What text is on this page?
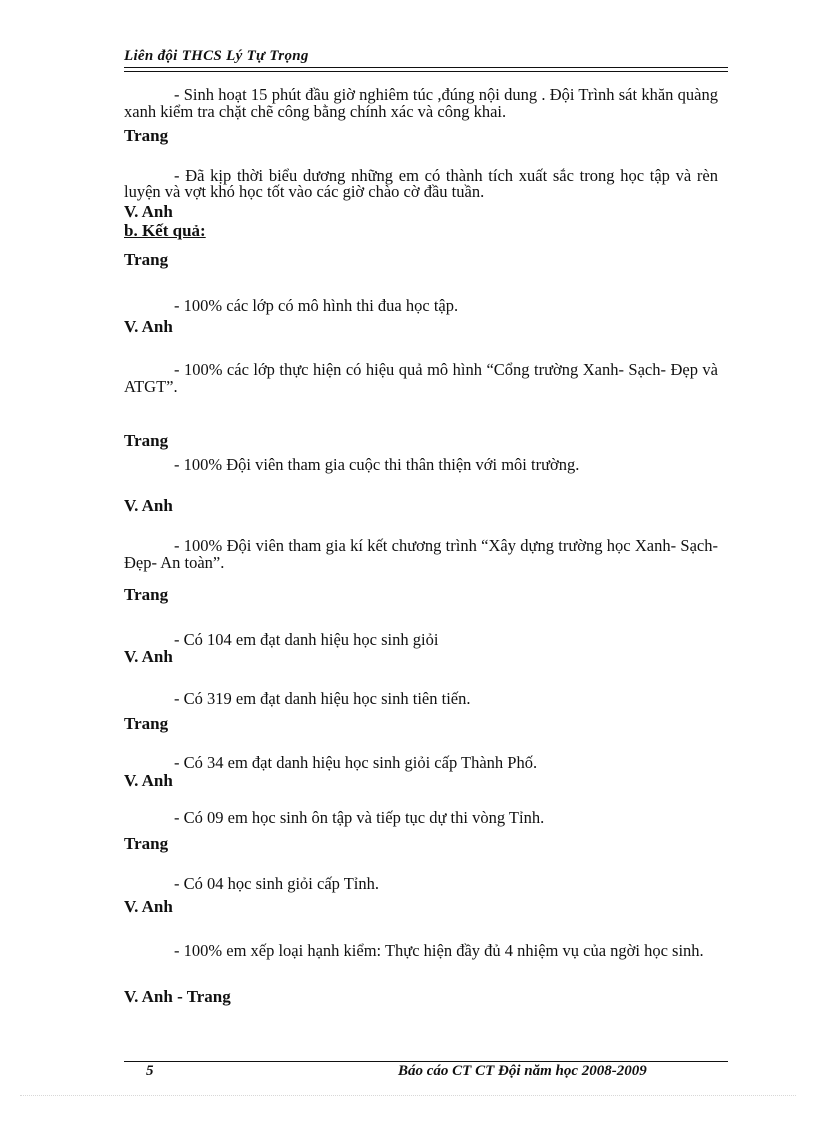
Liên đội THCS Lý Tự Trọng
- Sinh hoạt 15 phút đầu giờ nghiêm túc ,đúng nội dung . Đội Trình sát khăn quàng xanh kiểm tra chặt chẽ công bằng chính xác và công khai.
Trang
- Đã kịp thời biểu dương những em có thành tích xuất sắc trong học tập và rèn luyện và vợt khó học tốt vào các giờ chào cờ đầu tuần.
V. Anh
b. Kết quả:
Trang
- 100% các lớp có mô hình thi đua học tập.
V. Anh
- 100% các lớp thực hiện có hiệu quả mô hình “Cổng trường Xanh- Sạch- Đẹp và ATGT”.
Trang
- 100% Đội viên tham gia cuộc thi thân thiện với môi trường.
V. Anh
- 100% Đội viên tham gia kí kết chương trình “Xây dựng trường học Xanh- Sạch- Đẹp- An toàn”.
Trang
- Có 104 em đạt danh hiệu học sinh giỏi
V. Anh
- Có 319 em đạt danh hiệu học sinh tiên tiến.
Trang
- Có 34 em đạt danh hiệu học sinh giỏi cấp Thành Phố.
V. Anh
- Có 09 em học sinh ôn tập và tiếp tục dự thi vòng Tỉnh.
Trang
- Có 04 học sinh giỏi cấp Tỉnh.
V. Anh
- 100% em xếp loại hạnh kiểm: Thực hiện đầy đủ 4 nhiệm vụ của ngời học sinh.
V. Anh - Trang
5	Báo cáo CT CT Đội năm học 2008-2009
